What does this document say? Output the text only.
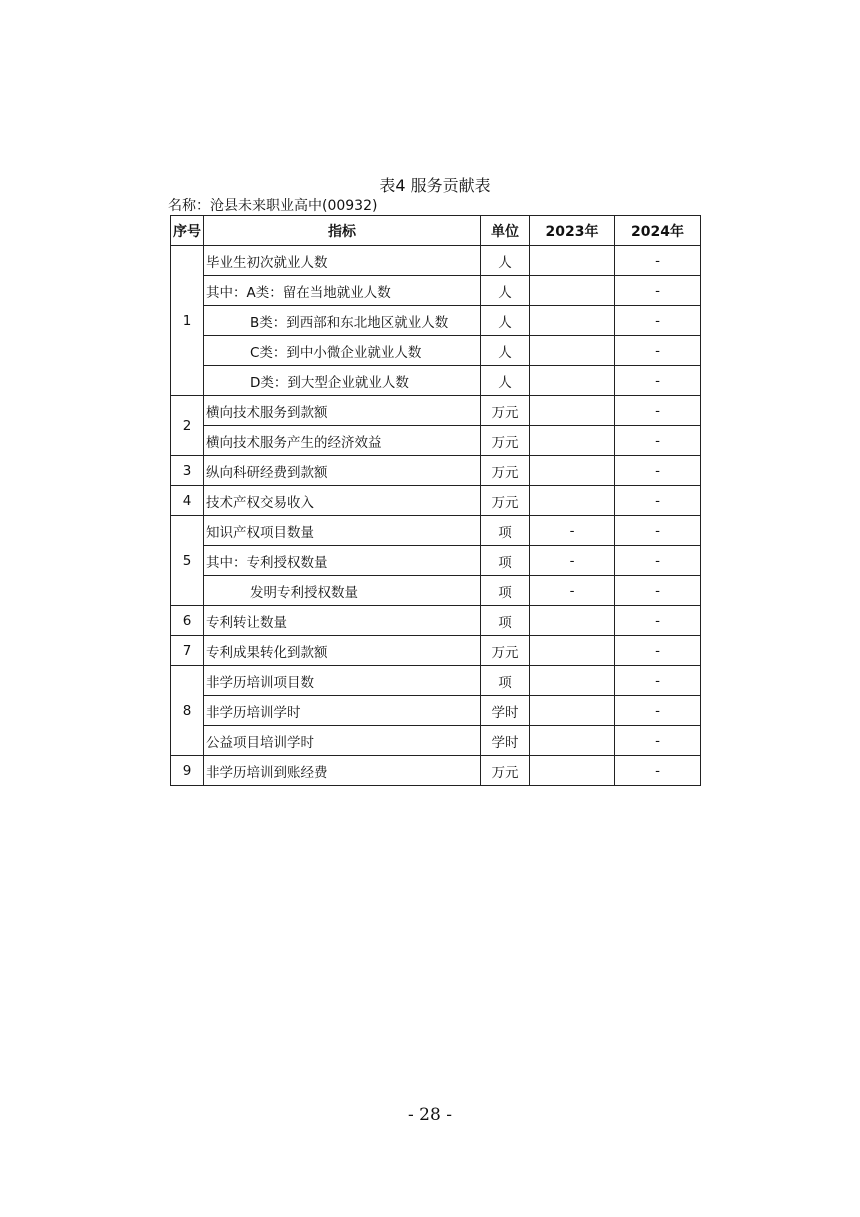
表4 服务贡献表
名称：沧县未来职业高中(00932)
序号	指标	单位	2023年	2024年
1	毕业生初次就业人数	人		-
	其中：A类：留在当地就业人数	人		-
	B类：到西部和东北地区就业人数	人		-
	C类：到中小微企业就业人数	人		-
	D类：到大型企业就业人数	人		-
2	横向技术服务到款额	万元		-
	横向技术服务产生的经济效益	万元		-
3	纵向科研经费到款额	万元		-
4	技术产权交易收入	万元		-
5	知识产权项目数量	项	-	-
	其中：专利授权数量	项	-	-
	发明专利授权数量	项	-	-
6	专利转让数量	项		-
7	专利成果转化到款额	万元		-
8	非学历培训项目数	项		-
	非学历培训学时	学时		-
	公益项目培训学时	学时		-
9	非学历培训到账经费	万元		-
- 28 -
